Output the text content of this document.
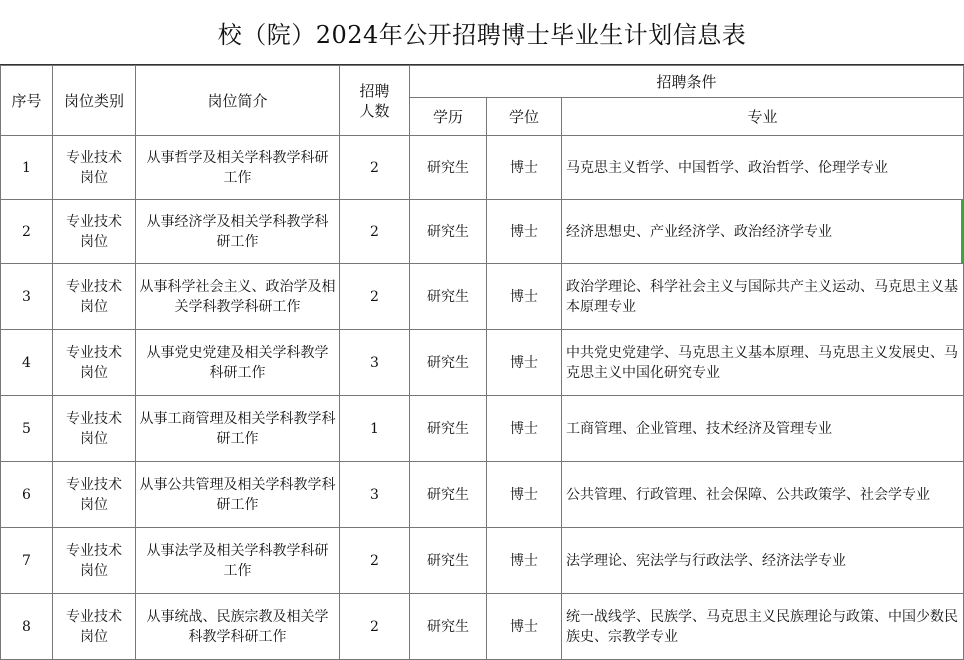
校（院）2024年公开招聘博士毕业生计划信息表
序号	岗位类别	岗位简介	招聘人数	招聘条件		
				学历	学位	专业
1	专业技术岗位	从事哲学及相关学科教学科研工作	2	研究生	博士	马克思主义哲学、中国哲学、政治哲学、伦理学专业
2	专业技术岗位	从事经济学及相关学科教学科研工作	2	研究生	博士	经济思想史、产业经济学、政治经济学专业
3	专业技术岗位	从事科学社会主义、政治学及相关学科教学科研工作	2	研究生	博士	政治学理论、科学社会主义与国际共产主义运动、马克思主义基本原理专业
4	专业技术岗位	从事党史党建及相关学科教学科研工作	3	研究生	博士	中共党史党建学、马克思主义基本原理、马克思主义发展史、马克思主义中国化研究专业
5	专业技术岗位	从事工商管理及相关学科教学科研工作	1	研究生	博士	工商管理、企业管理、技术经济及管理专业
6	专业技术岗位	从事公共管理及相关学科教学科研工作	3	研究生	博士	公共管理、行政管理、社会保障、公共政策学、社会学专业
7	专业技术岗位	从事法学及相关学科教学科研工作	2	研究生	博士	法学理论、宪法学与行政法学、经济法学专业
8	专业技术岗位	从事统战、民族宗教及相关学科教学科研工作	2	研究生	博士	统一战线学、民族学、马克思主义民族理论与政策、中国少数民族史、宗教学专业
